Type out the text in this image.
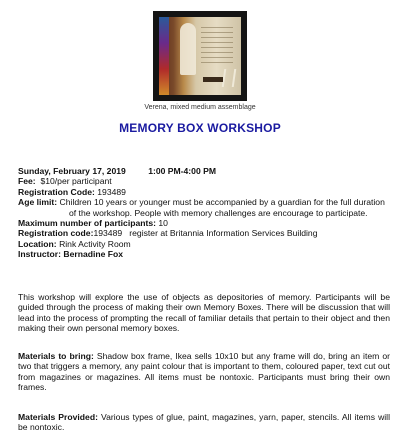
Verena, mixed medium assemblage
MEMORY BOX WORKSHOP
Sunday, February 17, 2019	1:00 PM-4:00 PM
Fee: $10/per participant
Registration Code: 193489
Age limit: Children 10 years or younger must be accompanied by a guardian for the full duration of the workshop. People with memory challenges are encourage to participate.
Maximum number of participants: 10
Registration code:193489   register at Britannia Information Services Building
Location: Rink Activity Room
Instructor: Bernadine Fox
This workshop will explore the use of objects as depositories of memory. Participants will be guided through the process of making their own Memory Boxes. There will be discussion that will lead into the process of prompting the recall of familiar details that pertain to their object and then making their own personal memory boxes.
Materials to bring: Shadow box frame, Ikea sells 10x10 but any frame will do, bring an item or two that triggers a memory, any paint colour that is important to them, coloured paper, text cut out from magazines or magazines. All items must be nontoxic. Participants must bring their own frames.
Materials Provided: Various types of glue, paint, magazines, yarn, paper, stencils. All items will be nontoxic.
